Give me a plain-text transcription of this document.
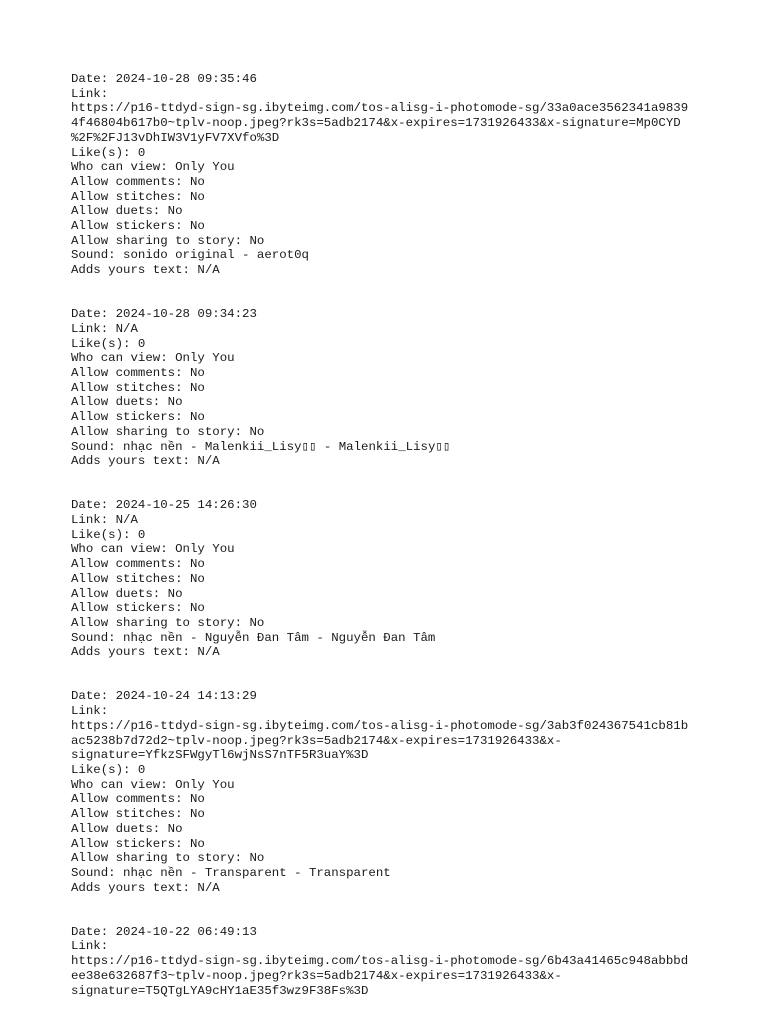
Date: 2024-10-28 09:35:46
Link:
https://p16-ttdyd-sign-sg.ibyteimg.com/tos-alisg-i-photomode-sg/33a0ace3562341a9839
4f46804b617b0~tplv-noop.jpeg?rk3s=5adb2174&x-expires=1731926433&x-signature=Mp0CYD
%2F%2FJ13vDhIW3V1yFV7XVfo%3D
Like(s): 0
Who can view: Only You
Allow comments: No
Allow stitches: No
Allow duets: No
Allow stickers: No
Allow sharing to story: No
Sound: sonido original - aerot0q
Adds yours text: N/A
Date: 2024-10-28 09:34:23
Link: N/A
Like(s): 0
Who can view: Only You
Allow comments: No
Allow stitches: No
Allow duets: No
Allow stickers: No
Allow sharing to story: No
Sound: nhạc nền - Malenkii_Lisy▯▯ - Malenkii_Lisy▯▯
Adds yours text: N/A
Date: 2024-10-25 14:26:30
Link: N/A
Like(s): 0
Who can view: Only You
Allow comments: No
Allow stitches: No
Allow duets: No
Allow stickers: No
Allow sharing to story: No
Sound: nhạc nền - Nguyễn Đan Tâm - Nguyễn Đan Tâm
Adds yours text: N/A
Date: 2024-10-24 14:13:29
Link:
https://p16-ttdyd-sign-sg.ibyteimg.com/tos-alisg-i-photomode-sg/3ab3f024367541cb81b
ac5238b7d72d2~tplv-noop.jpeg?rk3s=5adb2174&x-expires=1731926433&x-
signature=YfkzSFWgyTl6wjNsS7nTF5R3uaY%3D
Like(s): 0
Who can view: Only You
Allow comments: No
Allow stitches: No
Allow duets: No
Allow stickers: No
Allow sharing to story: No
Sound: nhạc nền - Transparent - Transparent
Adds yours text: N/A
Date: 2024-10-22 06:49:13
Link:
https://p16-ttdyd-sign-sg.ibyteimg.com/tos-alisg-i-photomode-sg/6b43a41465c948abbbd
ee38e632687f3~tplv-noop.jpeg?rk3s=5adb2174&x-expires=1731926433&x-
signature=T5QTgLYA9cHY1aE35f3wz9F38Fs%3D
